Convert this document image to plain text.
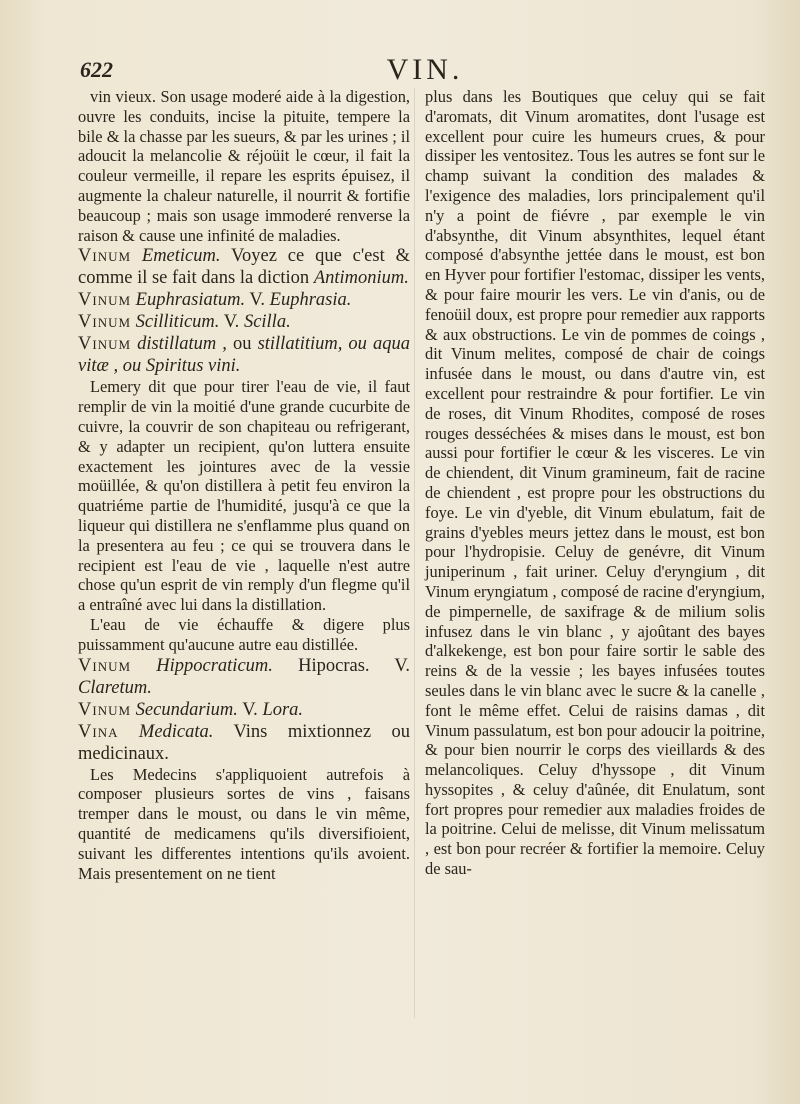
622	VIN.

vin vieux. Son usage moderé aide à la digestion, ouvre les conduits, incise la pituite, tempere la bile & la chasse par les sueurs, & par les urines ; il adoucit la melancolie & réjoüit le cœur, il fait la couleur vermeille, il repare les esprits épuisez, il augmente la chaleur naturelle, il nourrit & fortifie beaucoup ; mais son usage immoderé renverse la raison & cause une infinité de maladies.

Vinum Emeticum. Voyez ce que c'est & comme il se fait dans la diction Antimonium.

Vinum Euphrasiatum. V. Euphrasia.

Vinum Scilliticum. V. Scilla.

Vinum distillatum , ou stillatitium, ou aqua vitæ , ou Spiritus vini.

Lemery dit que pour tirer l'eau de vie, il faut remplir de vin la moitié d'une grande cucurbite de cuivre, la couvrir de son chapiteau ou refrigerant, & y adapter un recipient, qu'on luttera ensuite exactement les jointures avec de la vessie moüillée, & qu'on distillera à petit feu environ la quatriéme partie de l'humidité, jusqu'à ce que la liqueur qui distillera ne s'enflamme plus quand on la presentera au feu ; ce qui se trouvera dans le recipient est l'eau de vie , laquelle n'est autre chose qu'un esprit de vin remply d'un flegme qu'il a entraîné avec lui dans la distillation.

L'eau de vie échauffe & digere plus puissamment qu'aucune autre eau distillée.

Vinum Hippocraticum. Hipocras. V. Claretum.

Vinum Secundarium. V. Lora.

Vina Medicata. Vins mixtionnez ou medicinaux.

Les Medecins s'appliquoient autrefois à composer plusieurs sortes de vins , faisans tremper dans le moust, ou dans le vin même, quantité de medicamens qu'ils diversifioient, suivant les differentes intentions qu'ils avoient. Mais presentement on ne tient

plus dans les Boutiques que celuy qui se fait d'aromats, dit Vinum aromatites, dont l'usage est excellent pour cuire les humeurs crues, & pour dissiper les ventositez. Tous les autres se font sur le champ suivant la condition des malades & l'exigence des maladies, lors principalement qu'il n'y a point de fiévre , par exemple le vin d'absynthe, dit Vinum absynthites, lequel étant composé d'absynthe jettée dans le moust, est bon en Hyver pour fortifier l'estomac, dissiper les vents, & pour faire mourir les vers. Le vin d'anis, ou de fenoüil doux, est propre pour remedier aux rapports & aux obstructions. Le vin de pommes de coings , dit Vinum melites, composé de chair de coings infusée dans le moust, ou dans d'autre vin, est excellent pour restraindre & pour fortifier. Le vin de roses, dit Vinum Rhodites, composé de roses rouges desséchées & mises dans le moust, est bon aussi pour fortifier le cœur & les visceres. Le vin de chiendent, dit Vinum gramineum, fait de racine de chiendent , est propre pour les obstructions du foye. Le vin d'yeble, dit Vinum ebulatum, fait de grains d'yebles meurs jettez dans le moust, est bon pour l'hydropisie. Celuy de genévre, dit Vinum juniperinum , fait uriner. Celuy d'eryngium , dit Vinum eryngiatum , composé de racine d'eryngium, de pimpernelle, de saxifrage & de milium solis infusez dans le vin blanc , y ajoûtant des bayes d'alkekenge, est bon pour faire sortir le sable des reins & de la vessie ; les bayes infusées toutes seules dans le vin blanc avec le sucre & la canelle , font le même effet. Celui de raisins damas , dit Vinum passulatum, est bon pour adoucir la poitrine, & pour bien nourrir le corps des vieillards & des melancoliques. Celuy d'hyssope , dit Vinum hyssopites , & celuy d'aûnée, dit Enulatum, sont fort propres pour remedier aux maladies froides de la poitrine. Celui de melisse, dit Vinum melissatum , est bon pour recréer & fortifier la memoire. Celuy de sau-
